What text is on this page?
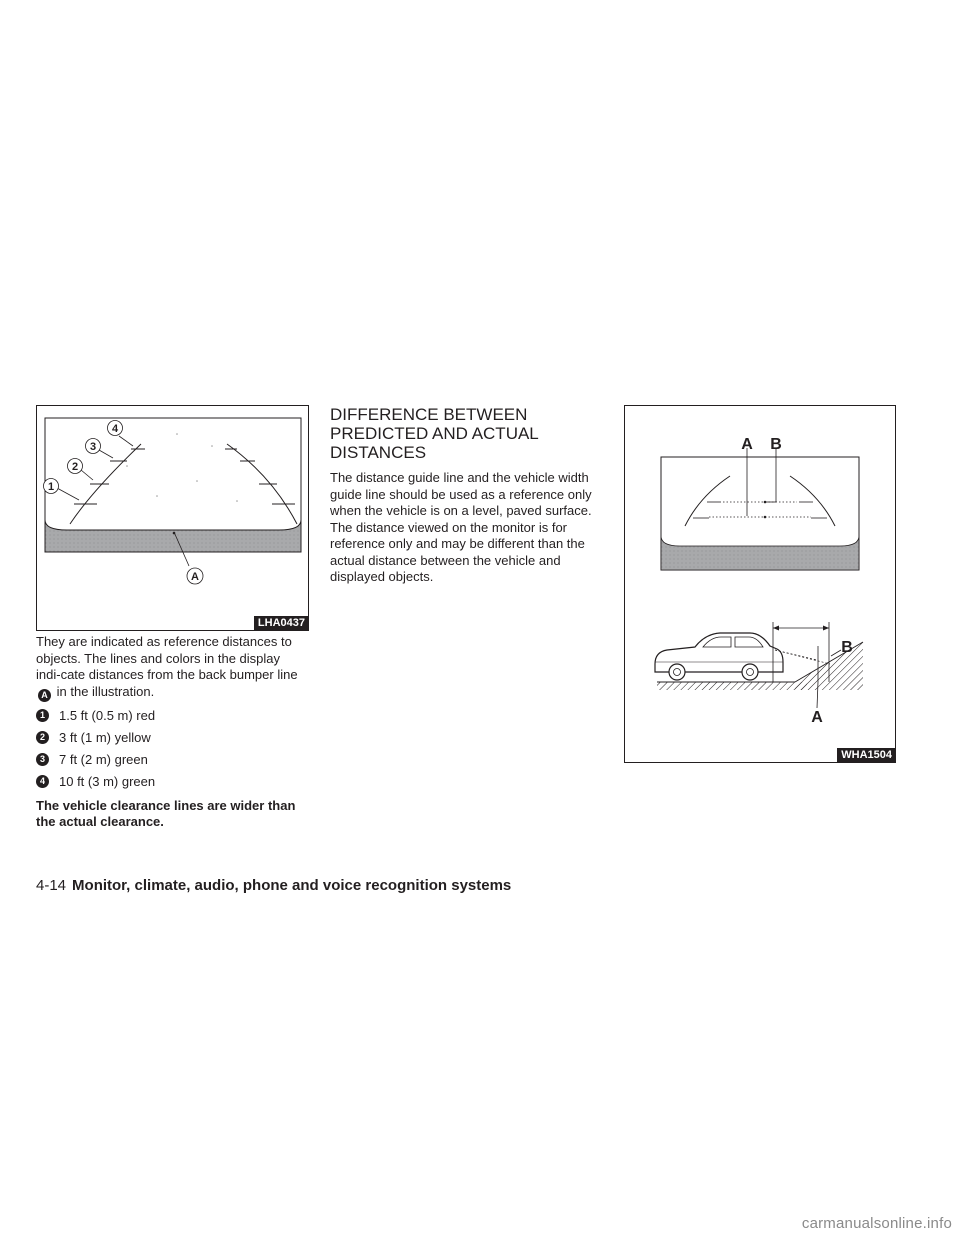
1
2
3
4
A
LHA0437
They are indicated as reference distances to objects. The lines and colors in the display indi-cate distances from the back bumper line A in the illustration.
1	1.5 ft (0.5 m) red
2	3 ft (1 m) yellow
3	7 ft (2 m) green
4	10 ft (3 m) green
The vehicle clearance lines are wider than the actual clearance.
DIFFERENCE BETWEEN PREDICTED AND ACTUAL DISTANCES

The distance guide line and the vehicle width guide line should be used as a reference only when the vehicle is on a level, paved surface. The distance viewed on the monitor is for reference only and may be different than the actual distance between the vehicle and displayed objects.

A B
B
A
WHA1504
4-14 Monitor, climate, audio, phone and voice recognition systems
carmanualsonline.info
